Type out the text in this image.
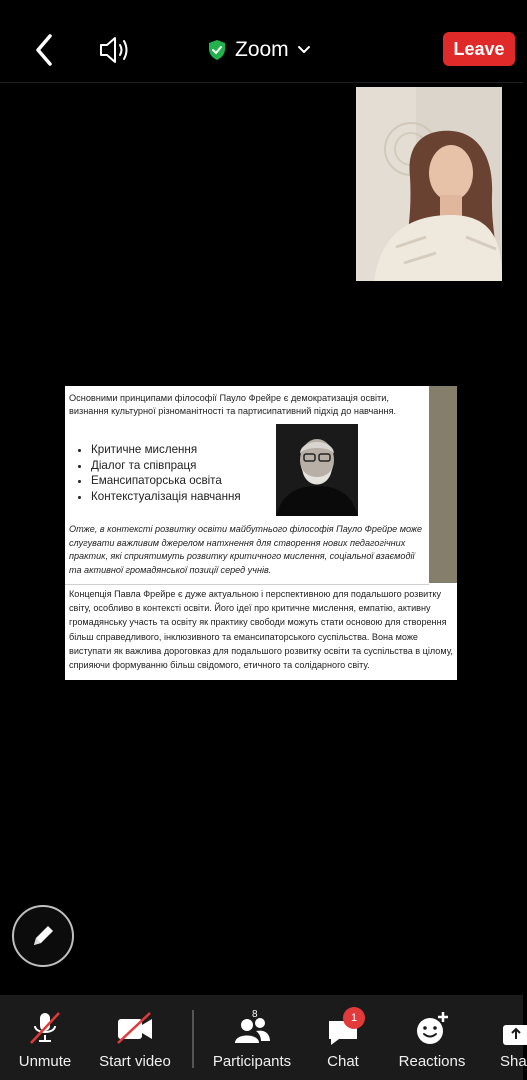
Zoom	Leave
Основними принципами філософії Пауло Фрейре є демократизація освіти, визнання культурної різноманітності та партисипативний підхід до навчання.
• Критичне мислення
• Діалог та співпраця
• Емансипаторська освіта
• Контекстуалізація навчання
Отже, в контексті розвитку освіти майбутнього філософія Пауло Фрейре може слугувати важливим джерелом натхнення для створення нових педагогічних практик, які сприятимуть розвитку критичного мислення, соціальної взаємодії та активної громадянської позиції серед учнів.
Концепція Павла Фрейре є дуже актуальною і перспективною для подальшого розвитку світу, особливо в контексті освіти. Його ідеї про критичне мислення, емпатію, активну громадянську участь та освіту як практику свободи можуть стати основою для створення більш справедливого, інклюзивного та емансипаторського суспільства. Вона може виступати як важлива дороговказ для подальшого розвитку освіти та суспільства в цілому, сприяючи формуванню більш свідомого, етичного та солідарного світу.
Unmute Start video
8
Participants
1
Chat	Reactions Sha
